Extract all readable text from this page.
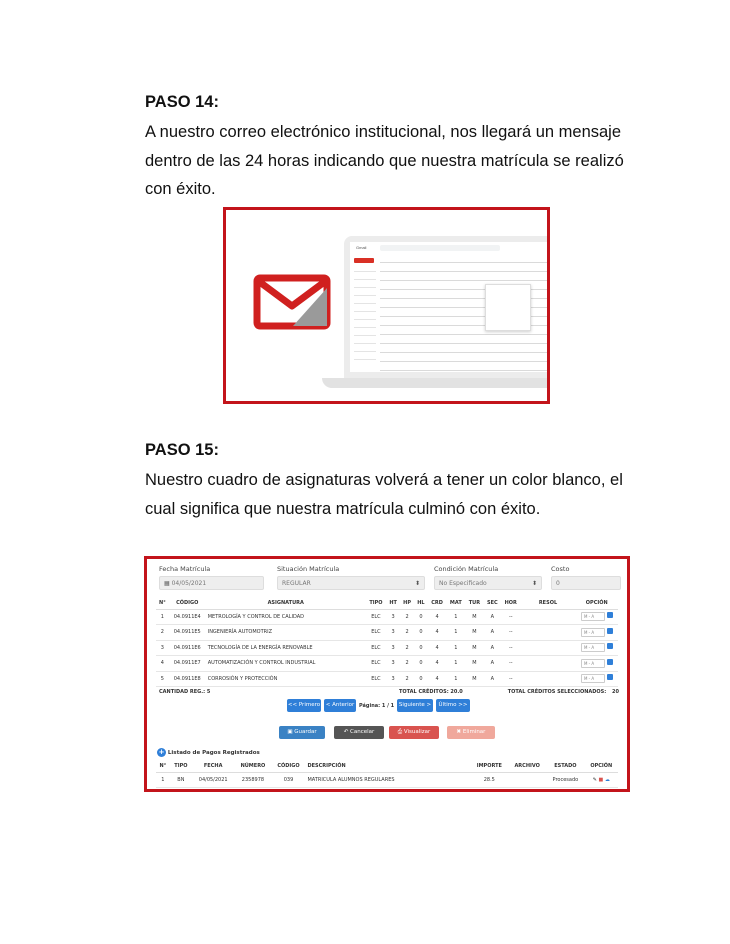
PASO 14:
A nuestro correo electrónico institucional, nos llegará un mensaje
dentro de las 24 horas indicando que nuestra matrícula se realizó
con éxito.
Gmail
PASO 15:
Nuestro cuadro de asignaturas volverá a tener un color blanco, el
cual significa que nuestra matrícula culminó con éxito.
Fecha Matrícula
▦ 04/05/2021
Situación Matrícula
REGULAR	⬍
Condición Matrícula
No Especificado	⬍
Costo
0
N°	CÓDIGO	ASIGNATURA	TIPO	HT	HP	HL	CRD	MAT	TUR	SEC	HOR	RESOL	OPCIÓN
1	04.0911E4	METROLOGÍA Y CONTROL DE CALIDAD	ELC	3	2	0	4	1	M	A	--		M - A
2	04.0911E5	INGENIERÍA AUTOMOTRIZ	ELC	3	2	0	4	1	M	A	--		M - A
3	04.0911E6	TECNOLOGÍA DE LA ENERGÍA RENOVABLE	ELC	3	2	0	4	1	M	A	--		M - A
4	04.0911E7	AUTOMATIZACIÓN Y CONTROL INDUSTRIAL	ELC	3	2	0	4	1	M	A	--		M - A
5	04.0911E8	CORROSIÓN Y PROTECCIÓN	ELC	3	2	0	4	1	M	A	--		M - A
CANTIDAD REG.: 5	TOTAL CRÉDITOS: 20.0	TOTAL CRÉDITOS SELECCIONADOS: 20
<< Primero	< Anterior Página: 1 / 1 Siguiente >	Último >>
▣ Guardar	↶ Cancelar	⎙ Visualizar	✖ Eliminar
+ Listado de Pagos Registrados
N°	TIPO	FECHA	NÚMERO	CÓDIGO	DESCRIPCIÓN	IMPORTE	ARCHIVO	ESTADO	OPCIÓN
1	BN	04/05/2021	2358978	039	MATRICULA ALUMNOS REGULARES	28.5		Procesado	✎ ■ ☁
